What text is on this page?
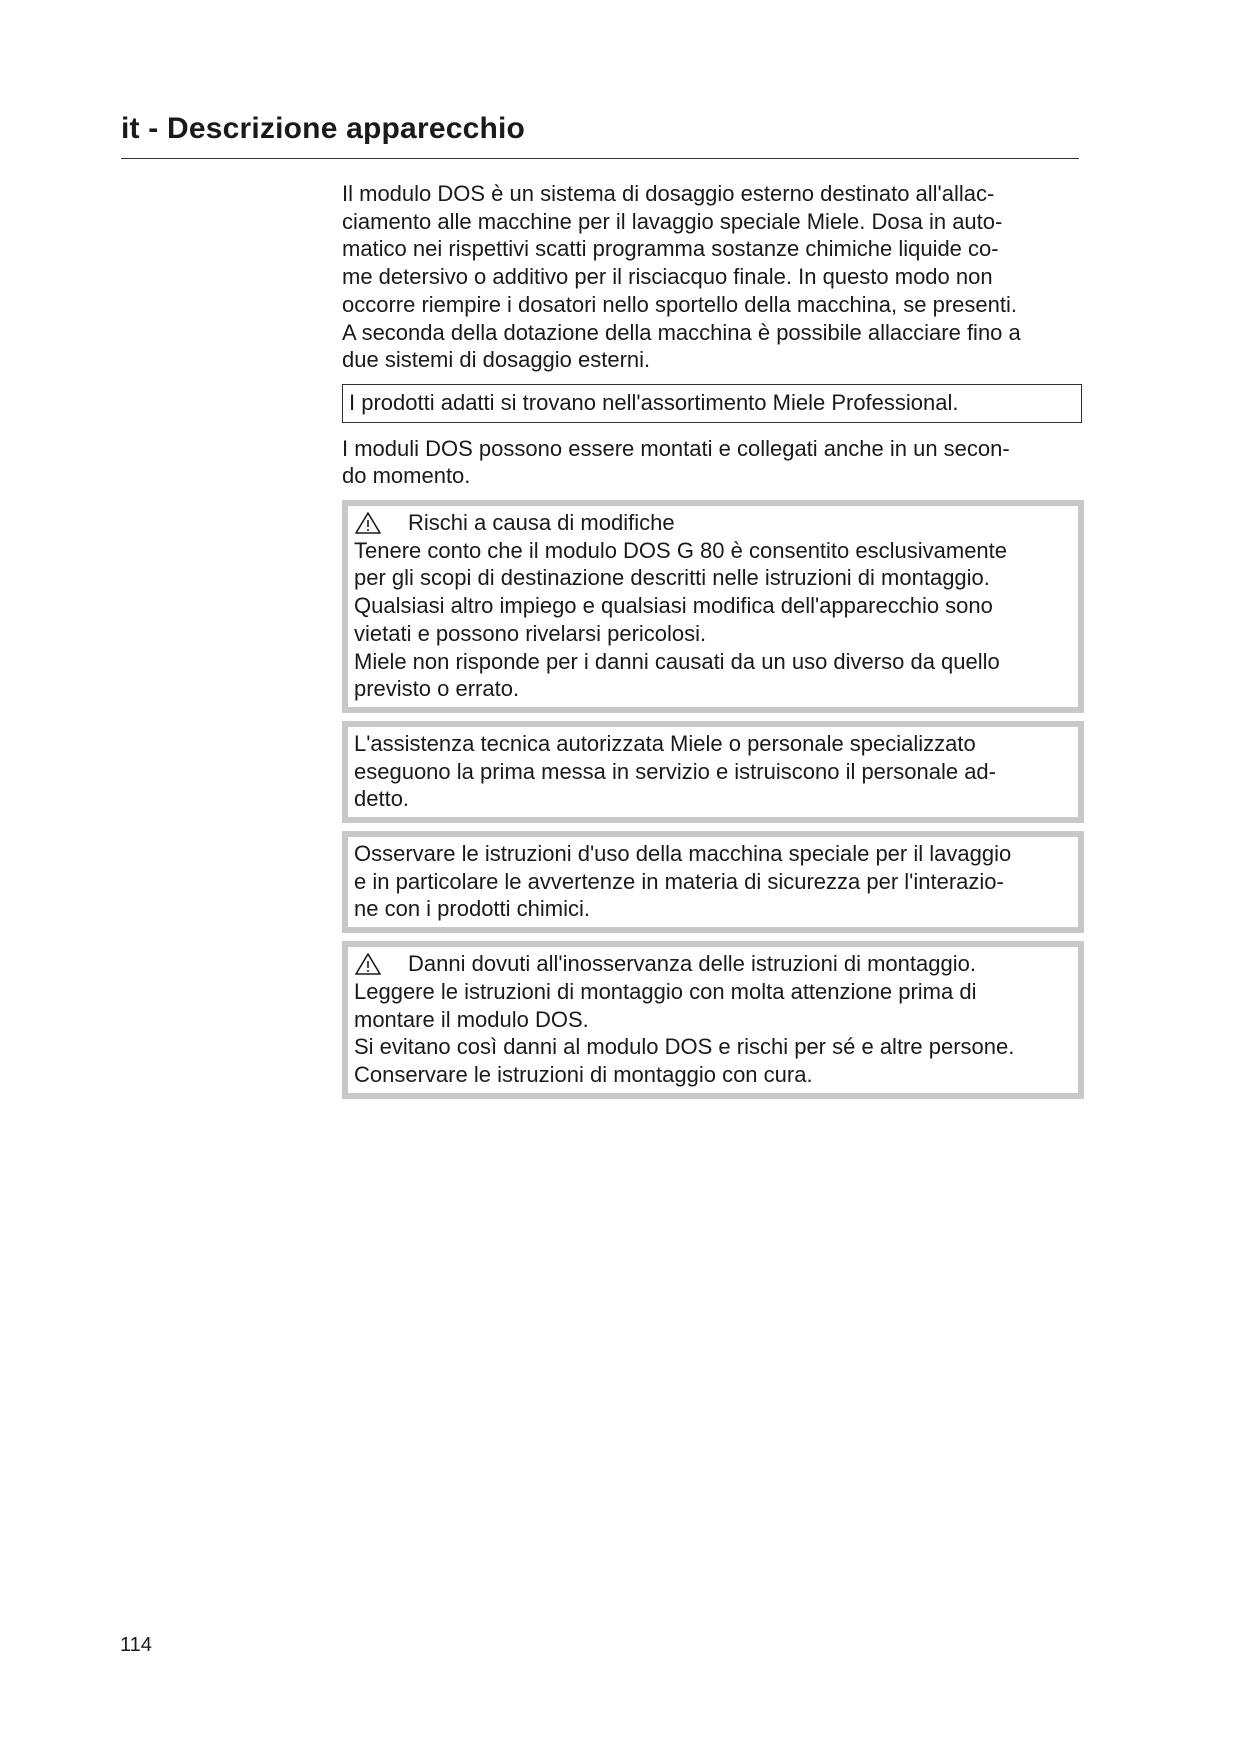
it - Descrizione apparecchio
Il modulo DOS è un sistema di dosaggio esterno destinato all'allac-
ciamento alle macchine per il lavaggio speciale Miele. Dosa in auto-
matico nei rispettivi scatti programma sostanze chimiche liquide co-
me detersivo o additivo per il risciacquo finale. In questo modo non
occorre riempire i dosatori nello sportello della macchina, se presenti.
A seconda della dotazione della macchina è possibile allacciare fino a
due sistemi di dosaggio esterni.
I prodotti adatti si trovano nell'assortimento Miele Professional.
I moduli DOS possono essere montati e collegati anche in un secon-
do momento.
Rischi a causa di modifiche
Tenere conto che il modulo DOS G 80 è consentito esclusivamente
per gli scopi di destinazione descritti nelle istruzioni di montaggio.
Qualsiasi altro impiego e qualsiasi modifica dell'apparecchio sono
vietati e possono rivelarsi pericolosi.
Miele non risponde per i danni causati da un uso diverso da quello
previsto o errato.
L'assistenza tecnica autorizzata Miele o personale specializzato
eseguono la prima messa in servizio e istruiscono il personale ad-
detto.
Osservare le istruzioni d'uso della macchina speciale per il lavaggio
e in particolare le avvertenze in materia di sicurezza per l'interazio-
ne con i prodotti chimici.
Danni dovuti all'inosservanza delle istruzioni di montaggio.
Leggere le istruzioni di montaggio con molta attenzione prima di
montare il modulo DOS.
Si evitano così danni al modulo DOS e rischi per sé e altre persone.
Conservare le istruzioni di montaggio con cura.
114
